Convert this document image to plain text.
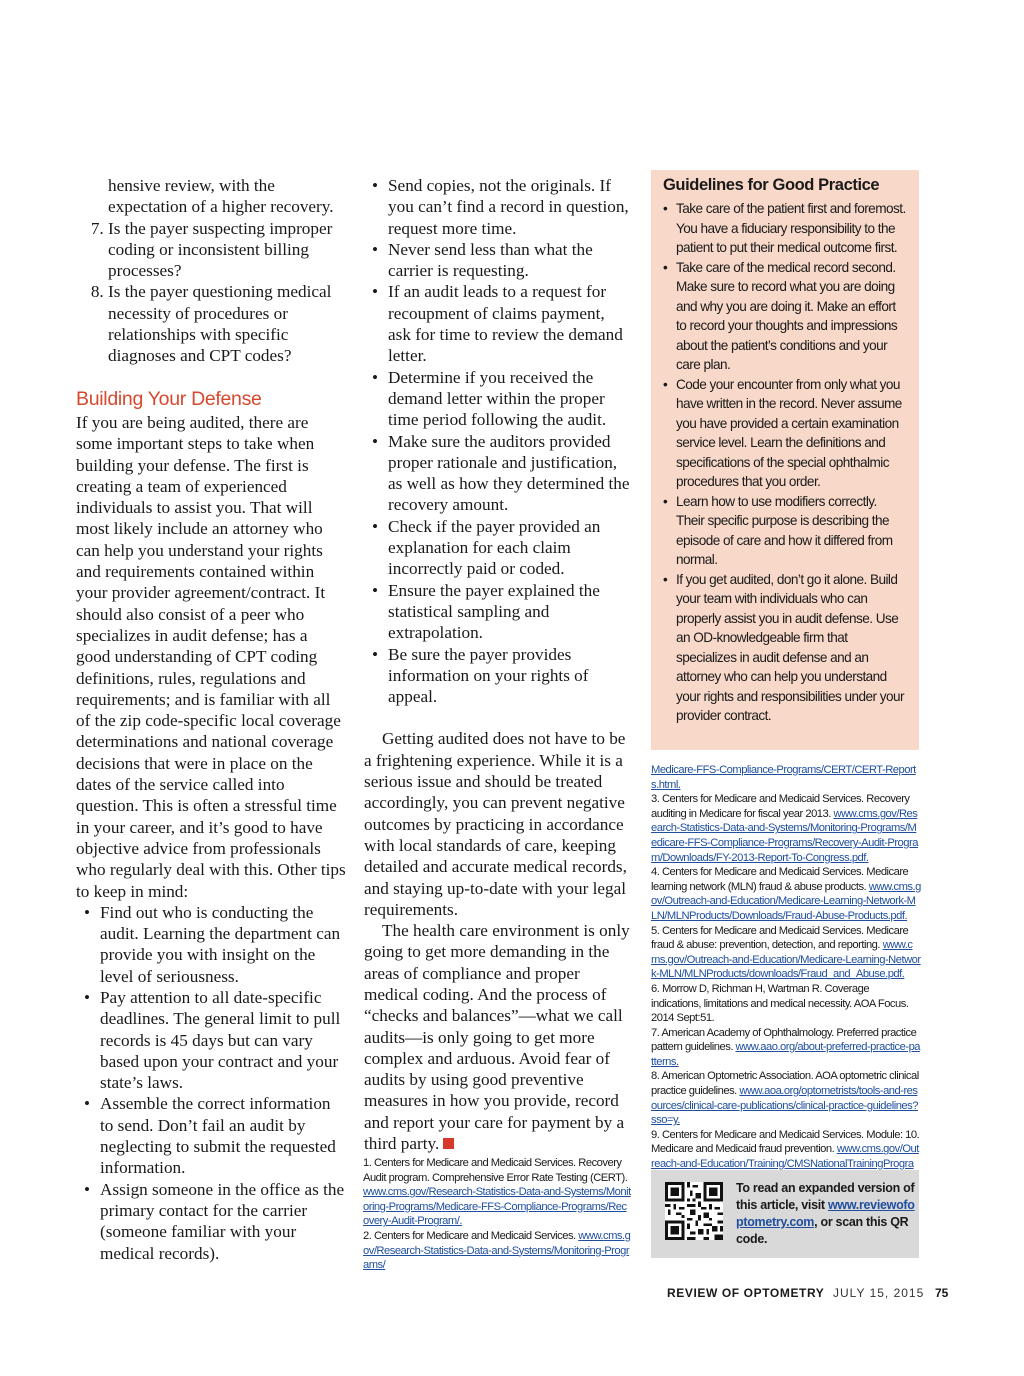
hensive review, with the expectation of a higher recovery.

7. Is the payer suspecting improper coding or inconsistent billing processes?
8. Is the payer questioning medical necessity of procedures or relationships with specific diagnoses and CPT codes?
Building Your Defense

If you are being audited, there are some important steps to take when building your defense. The first is creating a team of experienced individuals to assist you. That will most likely include an attorney who can help you understand your rights and requirements contained within your provider agreement/contract. It should also consist of a peer who specializes in audit defense; has a good understanding of CPT coding definitions, rules, regulations and requirements; and is familiar with all of the zip code-specific local coverage determinations and national coverage decisions that were in place on the dates of the service called into question. This is often a stressful time in your career, and it’s good to have objective advice from professionals who regularly deal with this. Other tips to keep in mind:

• Find out who is conducting the audit. Learning the department can provide you with insight on the level of seriousness.
• Pay attention to all date-specific deadlines. The general limit to pull records is 45 days but can vary based upon your contract and your state’s laws.
• Assemble the correct information to send. Don’t fail an audit by neglecting to submit the requested information.
• Assign someone in the office as the primary contact for the carrier (someone familiar with your medical records).
• Send copies, not the originals. If you can’t find a record in question, request more time.
• Never send less than what the carrier is requesting.
• If an audit leads to a request for recoupment of claims payment, ask for time to review the demand letter.
• Determine if you received the demand letter within the proper time period following the audit.
• Make sure the auditors provided proper rationale and justification, as well as how they determined the recovery amount.
• Check if the payer provided an explanation for each claim incorrectly paid or coded.
• Ensure the payer explained the statistical sampling and extrapolation.
• Be sure the payer provides information on your rights of appeal.

Getting audited does not have to be a frightening experience. While it is a serious issue and should be treated accordingly, you can prevent negative outcomes by practicing in accordance with local standards of care, keeping detailed and accurate medical records, and staying up-to-date with your legal requirements.

The health care environment is only going to get more demanding in the areas of compliance and proper medical coding. And the process of “checks and balances”—what we call audits—is only going to get more complex and arduous. Avoid fear of audits by using good preventive measures in how you provide, record and report your care for payment by a third party.

1. Centers for Medicare and Medicaid Services. Recovery Audit program. Comprehensive Error Rate Testing (CERT). www.cms.gov/Research-Statistics-Data-and-Systems/Monitoring-Programs/Medicare-FFS-Compliance-Programs/Recovery-Audit-Program/.

2. Centers for Medicare and Medicaid Services. www.cms.gov/Research-Statistics-Data-and-Systems/Monitoring-Programs/

Guidelines for Good Practice
• Take care of the patient first and foremost. You have a fiduciary responsibility to the patient to put their medical outcome first.
• Take care of the medical record second. Make sure to record what you are doing and why you are doing it. Make an effort to record your thoughts and impressions about the patient’s conditions and your care plan.
• Code your encounter from only what you have written in the record. Never assume you have provided a certain examination service level. Learn the definitions and specifications of the special ophthalmic procedures that you order.
• Learn how to use modifiers correctly. Their specific purpose is describing the episode of care and how it differed from normal.
• If you get audited, don’t go it alone. Build your team with individuals who can properly assist you in audit defense. Use an OD-knowledgeable firm that specializes in audit defense and an attorney who can help you understand your rights and responsibilities under your provider contract.

Medicare-FFS-Compliance-Programs/CERT/CERT-Reports.html.

3. Centers for Medicare and Medicaid Services. Recovery auditing in Medicare for fiscal year 2013. www.cms.gov/Research-Statistics-Data-and-Systems/Monitoring-Programs/Medicare-FFS-Compliance-Programs/Recovery-Audit-Program/Downloads/FY-2013-Report-To-Congress.pdf.

4. Centers for Medicare and Medicaid Services. Medicare learning network (MLN) fraud & abuse products. www.cms.gov/Outreach-and-Education/Medicare-Learning-Network-MLN/MLNProducts/Downloads/Fraud-Abuse-Products.pdf.

5. Centers for Medicare and Medicaid Services. Medicare fraud & abuse: prevention, detection, and reporting. www.cms.gov/Outreach-and-Education/Medicare-Learning-Network-MLN/MLNProducts/downloads/Fraud_and_Abuse.pdf.

6. Morrow D, Richman H, Wartman R. Coverage indications, limitations and medical necessity. AOA Focus. 2014 Sept:51.

7. American Academy of Ophthalmology. Preferred practice pattern guidelines. www.aao.org/about-preferred-practice-patterns.

8. American Optometric Association. AOA optometric clinical practice guidelines. www.aoa.org/optometrists/tools-and-resources/clinical-care-publications/clinical-practice-guidelines?sso=y.

9. Centers for Medicare and Medicaid Services. Module: 10. Medicare and Medicaid fraud prevention. www.cms.gov/Outreach-and-Education/Training/CMSNationalTrainingProgra

To read an expanded version of this article, visit www.reviewofoptometry.com, or scan this QR code.
REVIEW OF OPTOMETRY JULY 15, 2015 75
